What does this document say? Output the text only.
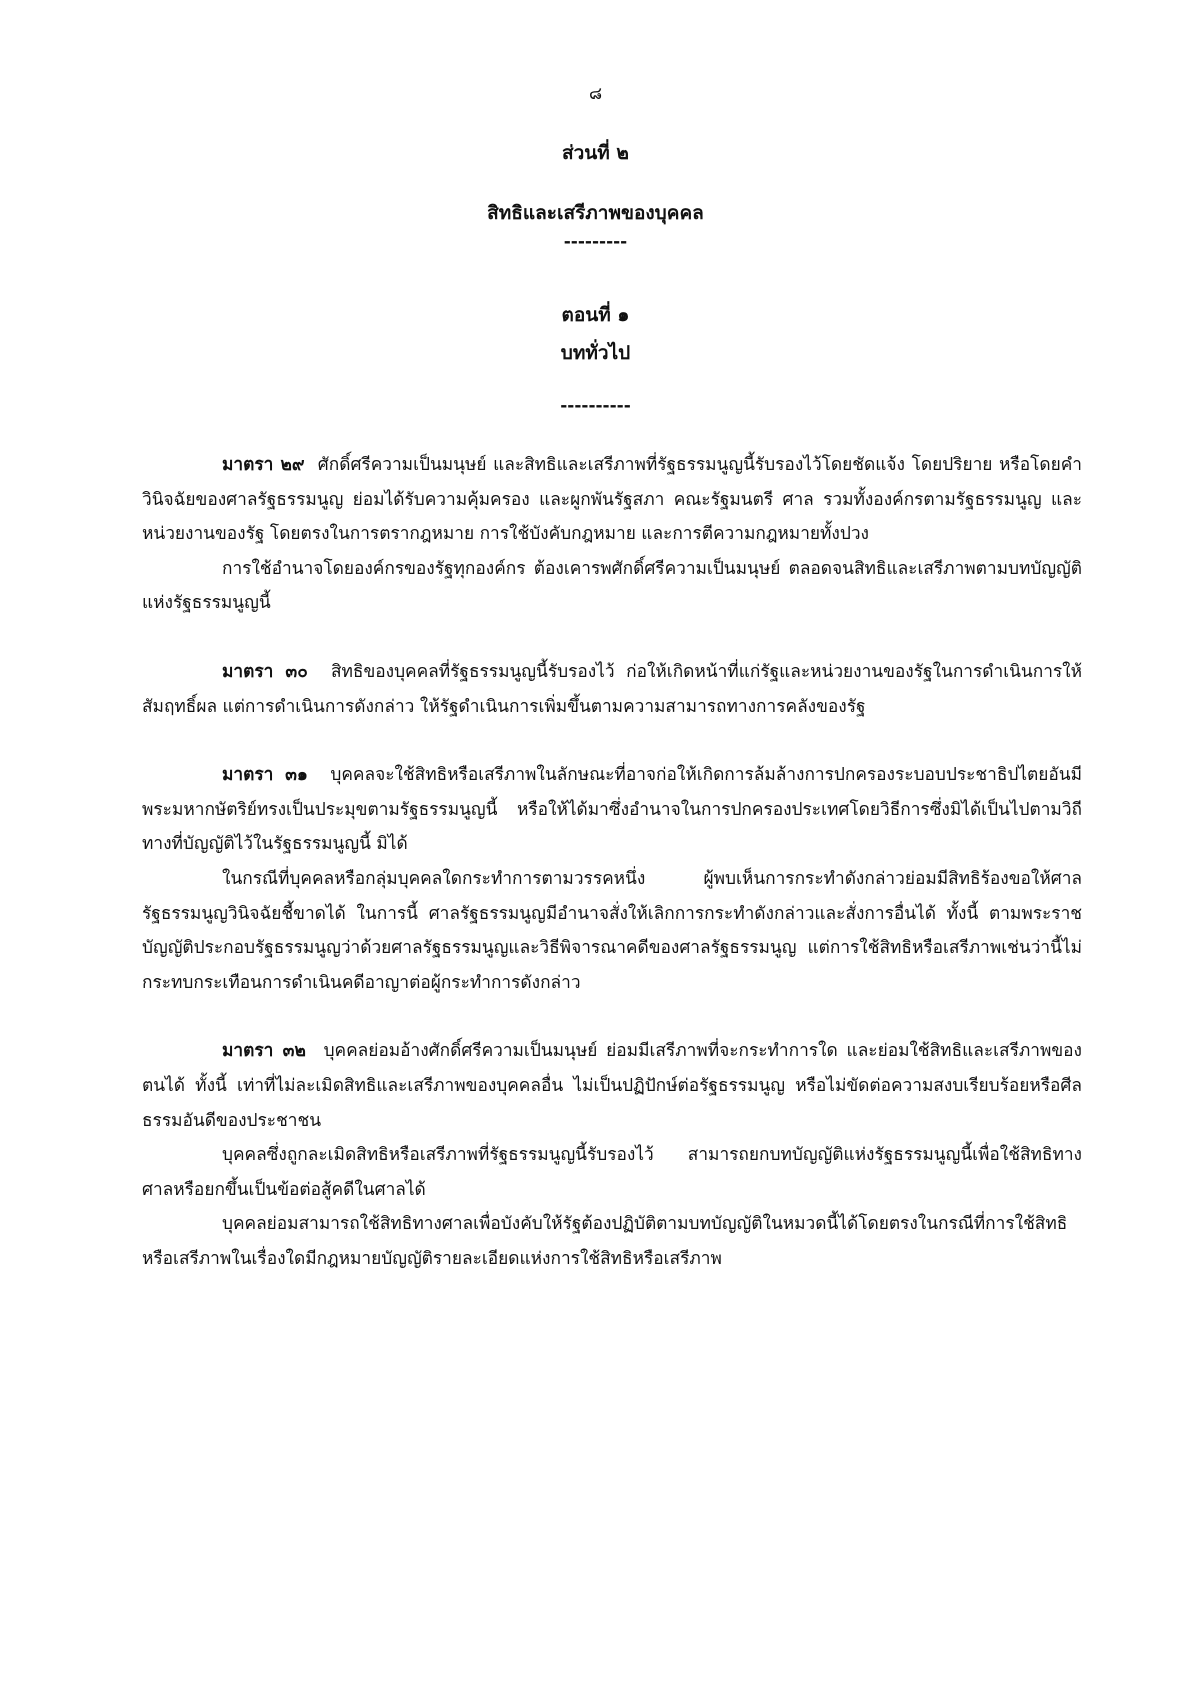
๘
ส่วนที่ ๒
สิทธิและเสรีภาพของบุคคล
---------
ตอนที่ ๑
บททั่วไป
----------

มาตรา ๒๙ ศักดิ์ศรีความเป็นมนุษย์ และสิทธิและเสรีภาพที่รัฐธรรมนูญนี้รับรองไว้โดยชัดแจ้ง โดยปริยาย หรือโดยคำวินิจฉัยของศาลรัฐธรรมนูญ ย่อมได้รับความคุ้มครอง และผูกพันรัฐสภา คณะรัฐมนตรี ศาล รวมทั้งองค์กรตามรัฐธรรมนูญ และหน่วยงานของรัฐ โดยตรงในการตรากฎหมาย การใช้บังคับกฎหมาย และการตีความกฎหมายทั้งปวง

การใช้อำนาจโดยองค์กรของรัฐทุกองค์กร ต้องเคารพศักดิ์ศรีความเป็นมนุษย์ ตลอดจนสิทธิและเสรีภาพตามบทบัญญัติแห่งรัฐธรรมนูญนี้

มาตรา ๓๐ สิทธิของบุคคลที่รัฐธรรมนูญนี้รับรองไว้ ก่อให้เกิดหน้าที่แก่รัฐและหน่วยงานของรัฐในการดำเนินการให้สัมฤทธิ์ผล แต่การดำเนินการดังกล่าว ให้รัฐดำเนินการเพิ่มขึ้นตามความสามารถทางการคลังของรัฐ

มาตรา ๓๑ บุคคลจะใช้สิทธิหรือเสรีภาพในลักษณะที่อาจก่อให้เกิดการล้มล้างการปกครองระบอบประชาธิปไตยอันมีพระมหากษัตริย์ทรงเป็นประมุขตามรัฐธรรมนูญนี้ หรือให้ได้มาซึ่งอำนาจในการปกครองประเทศโดยวิธีการซึ่งมิได้เป็นไปตามวิถีทางที่บัญญัติไว้ในรัฐธรรมนูญนี้ มิได้

ในกรณีที่บุคคลหรือกลุ่มบุคคลใดกระทำการตามวรรคหนึ่ง ผู้พบเห็นการกระทำดังกล่าวย่อมมีสิทธิร้องขอให้ศาลรัฐธรรมนูญวินิจฉัยชี้ขาดได้ ในการนี้ ศาลรัฐธรรมนูญมีอำนาจสั่งให้เลิกการกระทำดังกล่าวและสั่งการอื่นได้ ทั้งนี้ ตามพระราชบัญญัติประกอบรัฐธรรมนูญว่าด้วยศาลรัฐธรรมนูญและวิธีพิจารณาคดีของศาลรัฐธรรมนูญ แต่การใช้สิทธิหรือเสรีภาพเช่นว่านี้ไม่กระทบกระเทือนการดำเนินคดีอาญาต่อผู้กระทำการดังกล่าว

มาตรา ๓๒ บุคคลย่อมอ้างศักดิ์ศรีความเป็นมนุษย์ ย่อมมีเสรีภาพที่จะกระทำการใด และย่อมใช้สิทธิและเสรีภาพของตนได้ ทั้งนี้ เท่าที่ไม่ละเมิดสิทธิและเสรีภาพของบุคคลอื่น ไม่เป็นปฏิปักษ์ต่อรัฐธรรมนูญ หรือไม่ขัดต่อความสงบเรียบร้อยหรือศีลธรรมอันดีของประชาชน

บุคคลซึ่งถูกละเมิดสิทธิหรือเสรีภาพที่รัฐธรรมนูญนี้รับรองไว้ สามารถยกบทบัญญัติแห่งรัฐธรรมนูญนี้เพื่อใช้สิทธิทางศาลหรือยกขึ้นเป็นข้อต่อสู้คดีในศาลได้

บุคคลย่อมสามารถใช้สิทธิทางศาลเพื่อบังคับให้รัฐต้องปฏิบัติตามบทบัญญัติในหมวดนี้ได้โดยตรงในกรณีที่การใช้สิทธิหรือเสรีภาพในเรื่องใดมีกฎหมายบัญญัติรายละเอียดแห่งการใช้สิทธิหรือเสรีภาพ
